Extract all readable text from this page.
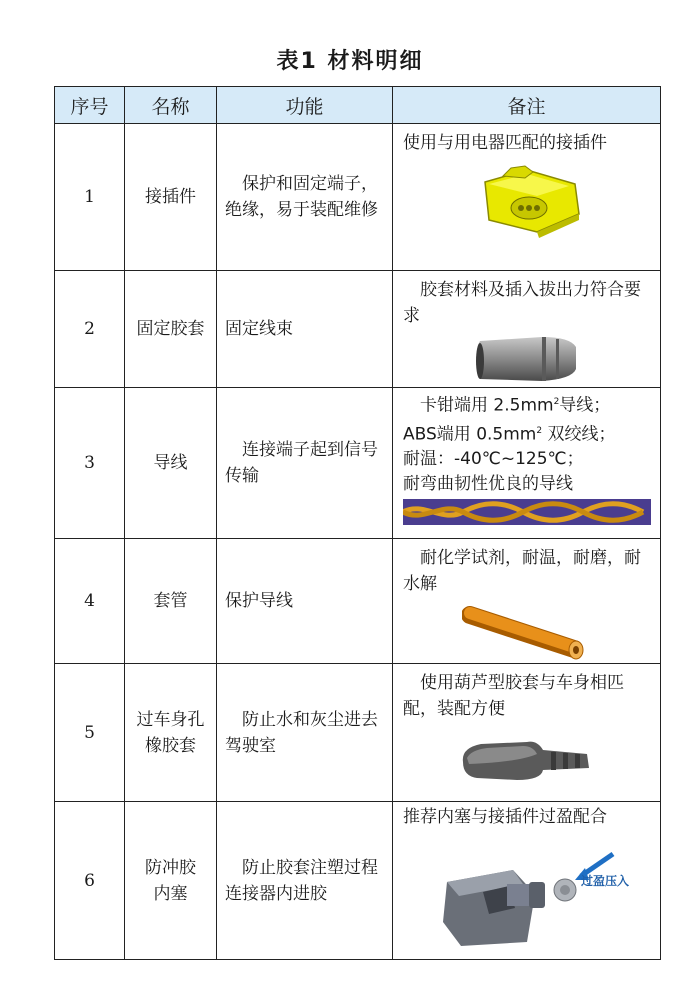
表1 材料明细
序号	名称	功能	备注
1	接插件	保护和固定端子，绝缘，易于装配维修	使用与用电器匹配的接插件

2	固定胶套	固定线束	胶套材料及插入拔出力符合要求

3	导线	连接端子起到信号传输	卡钳端用 $2.5mm^2$导线；
ABS端用 $0.5mm^2$ 双绞线；
耐温：-40℃~125℃；
耐弯曲韧性优良的导线

4	套管	保护导线	耐化学试剂，耐温，耐磨，耐水解

5	过车身孔橡胶套	防止水和灰尘进去驾驶室	使用葫芦型胶套与车身相匹配，装配方便

6	防冲胶内塞	防止胶套注塑过程连接器内进胶	推荐内塞与接插件过盈配合
过盈压入
